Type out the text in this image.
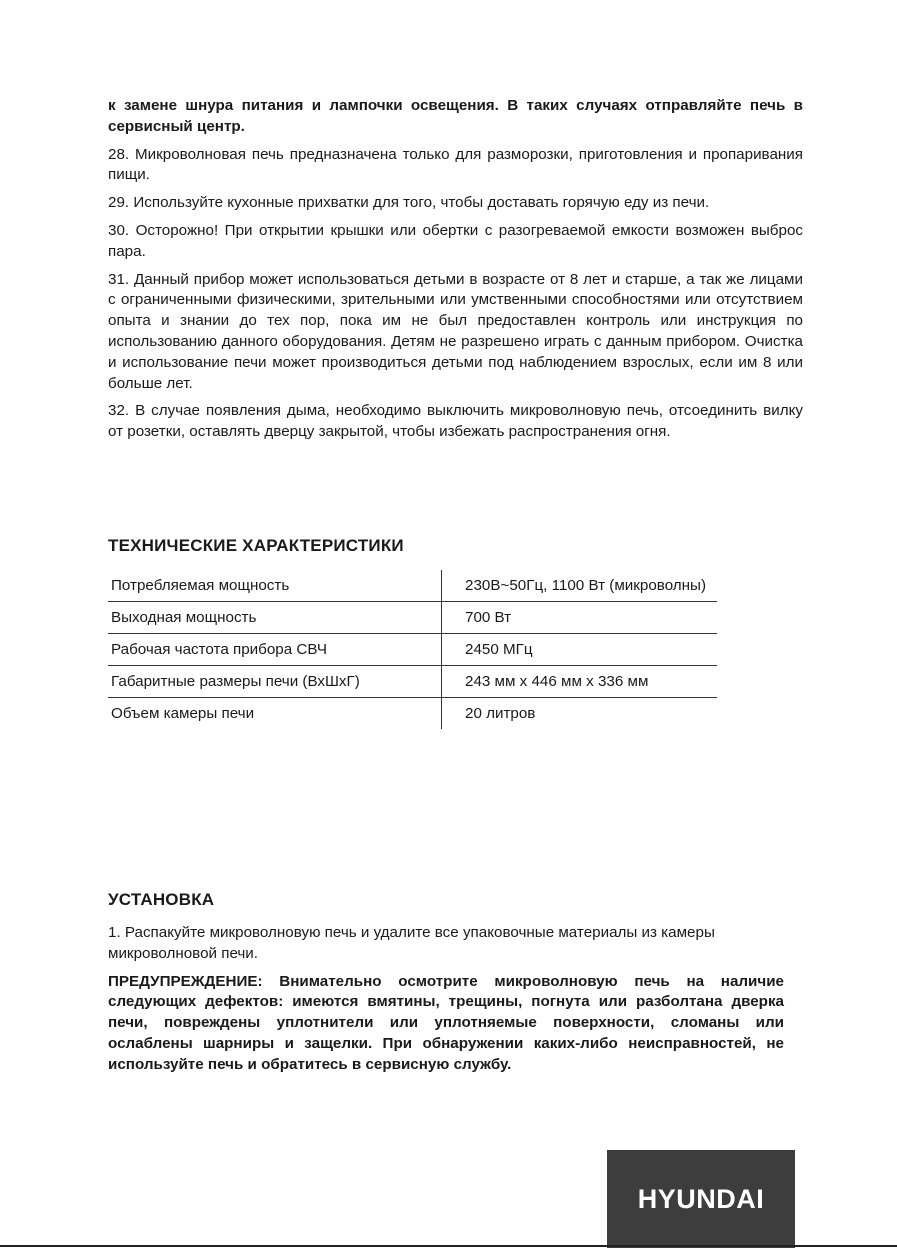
к замене шнура питания и лампочки освещения. В таких случаях отправляйте печь в сервисный центр.

28. Микроволновая печь предназначена только для разморозки, приготовления и пропаривания пищи.

29. Используйте кухонные прихватки для того, чтобы доставать горячую еду из печи.

30. Осторожно! При открытии крышки или обертки с разогреваемой емкости возможен выброс пара.

31. Данный прибор может использоваться детьми в возрасте от 8 лет и старше, а так же лицами с ограниченными физическими, зрительными или умственными способностями или отсутствием опыта и знании до тех пор, пока им не был предоставлен контроль или инструкция по использованию данного оборудования. Детям не разрешено играть с данным прибором. Очистка и использование печи может производиться детьми под наблюдением взрослых, если им 8 или больше лет.

32. В случае появления дыма, необходимо выключить микроволновую печь, отсоединить вилку от розетки, оставлять дверцу закрытой, чтобы избежать распространения огня.

ТЕХНИЧЕСКИЕ ХАРАКТЕРИСТИКИ
Потребляемая мощность	230В~50Гц, 1100 Вт (микроволны)
Выходная мощность	700 Вт
Рабочая частота прибора СВЧ	2450 МГц
Габаритные размеры печи (ВхШхГ)	243 мм х 446 мм х 336 мм
Объем камеры печи	20 литров
УСТАНОВКА

1. Распакуйте микроволновую печь и удалите все упаковочные материалы из камеры микроволновой печи.

ПРЕДУПРЕЖДЕНИЕ: Внимательно осмотрите микроволновую печь на наличие следующих дефектов: имеются вмятины, трещины, погнута или разболтана дверка печи, повреждены уплотнители или уплотняемые поверхности, сломаны или ослаблены шарниры и защелки. При обнаружении каких-либо неисправностей, не используйте печь и обратитесь в сервисную службу.

HYUNDAI
